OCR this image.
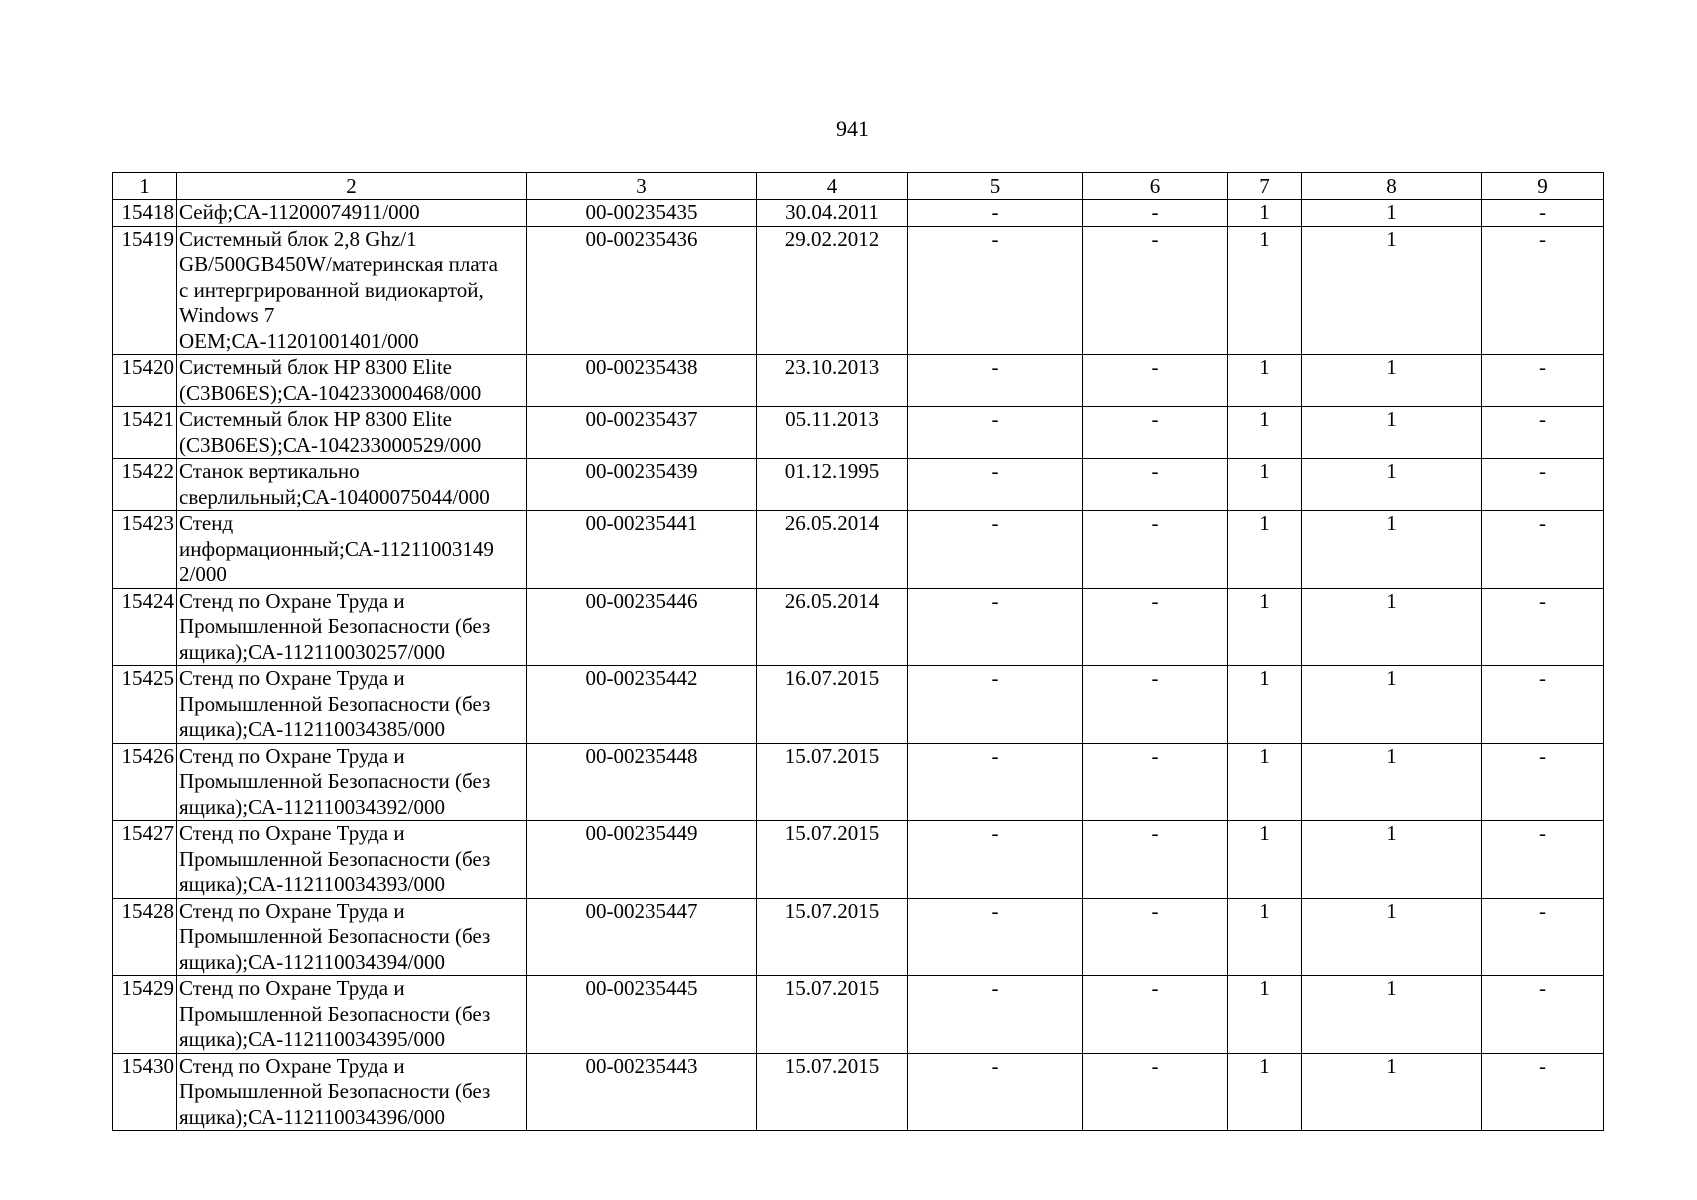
941
1	2	3	4	5	6	7	8	9
15418	Сейф;СА-11200074911/000	00-00235435	30.04.2011	-	-	1	1	-
15419	Системный блок 2,8 Ghz/1
GB/500GB450W/материнская плата
с интергрированной видиокартой,
Windows 7
OEM;СА-11201001401/000	00-00235436	29.02.2012	-	-	1	1	-
15420	Системный блок HP 8300 Elite
(C3B06ES);СА-104233000468/000	00-00235438	23.10.2013	-	-	1	1	-
15421	Системный блок HP 8300 Elite
(C3B06ES);СА-104233000529/000	00-00235437	05.11.2013	-	-	1	1	-
15422	Станок вертикально
сверлильный;СА-10400075044/000	00-00235439	01.12.1995	-	-	1	1	-
15423	Стенд
информационный;СА-11211003149
2/000	00-00235441	26.05.2014	-	-	1	1	-
15424	Стенд по Охране Труда и
Промышленной Безопасности (без
ящика);СА-112110030257/000	00-00235446	26.05.2014	-	-	1	1	-
15425	Стенд по Охране Труда и
Промышленной Безопасности (без
ящика);СА-112110034385/000	00-00235442	16.07.2015	-	-	1	1	-
15426	Стенд по Охране Труда и
Промышленной Безопасности (без
ящика);СА-112110034392/000	00-00235448	15.07.2015	-	-	1	1	-
15427	Стенд по Охране Труда и
Промышленной Безопасности (без
ящика);СА-112110034393/000	00-00235449	15.07.2015	-	-	1	1	-
15428	Стенд по Охране Труда и
Промышленной Безопасности (без
ящика);СА-112110034394/000	00-00235447	15.07.2015	-	-	1	1	-
15429	Стенд по Охране Труда и
Промышленной Безопасности (без
ящика);СА-112110034395/000	00-00235445	15.07.2015	-	-	1	1	-
15430	Стенд по Охране Труда и
Промышленной Безопасности (без
ящика);СА-112110034396/000	00-00235443	15.07.2015	-	-	1	1	-
